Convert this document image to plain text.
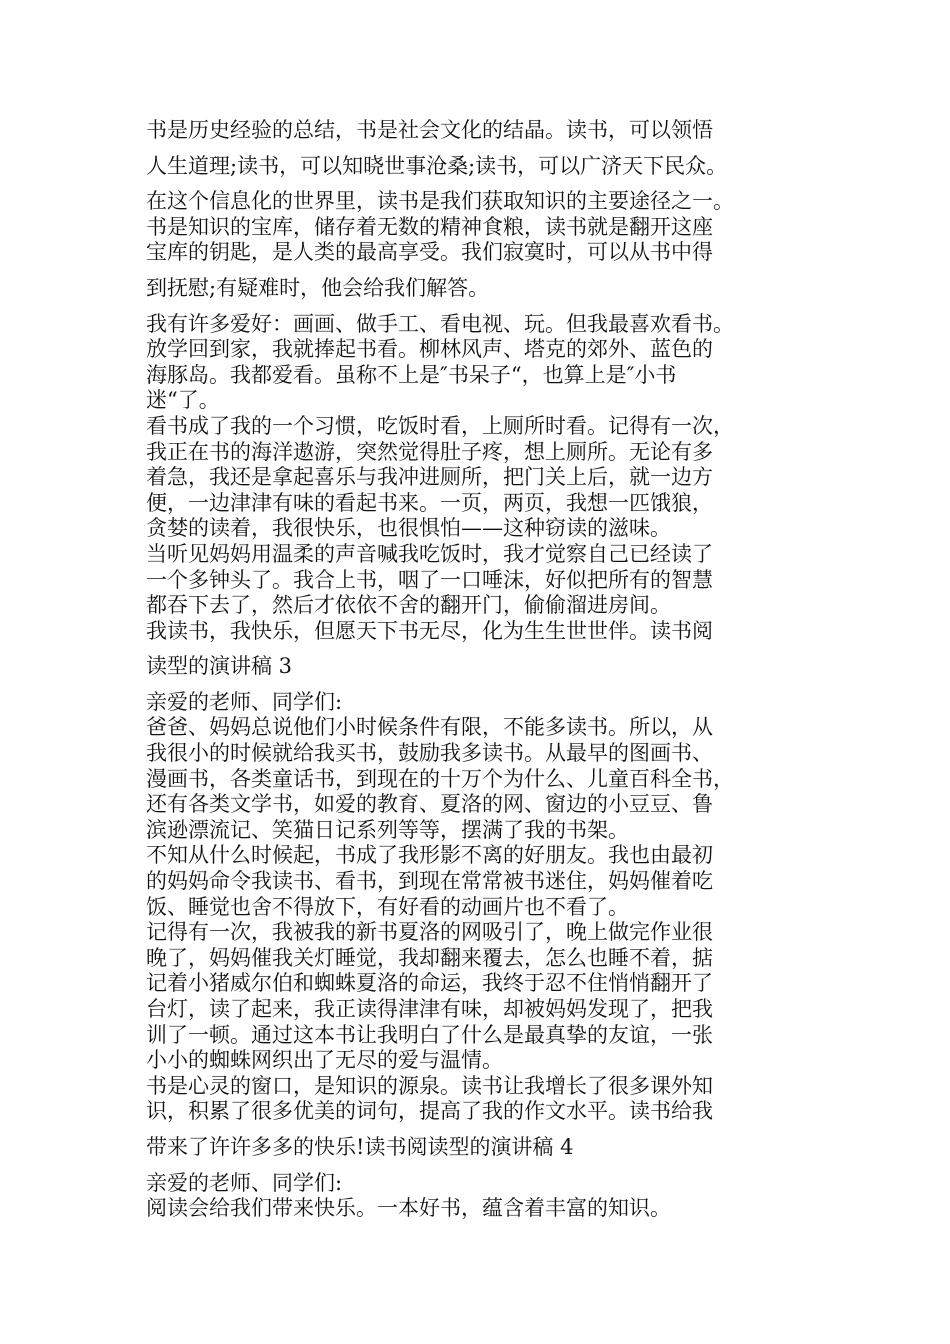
书是历史经验的总结，书是社会文化的结晶。读书，可以领悟
人生道理;读书，可以知晓世事沧桑;读书，可以广济天下民众。
在这个信息化的世界里，读书是我们获取知识的主要途径之一。
书是知识的宝库，储存着无数的精神食粮，读书就是翻开这座
宝库的钥匙，是人类的最高享受。我们寂寞时，可以从书中得
到抚慰;有疑难时，他会给我们解答。
我有许多爱好：画画、做手工、看电视、玩。但我最喜欢看书。
放学回到家，我就捧起书看。柳林风声、塔克的郊外、蓝色的
海豚岛。我都爱看。虽称不上是″书呆子“，也算上是″小书
迷“了。
看书成了我的一个习惯，吃饭时看，上厕所时看。记得有一次，
我正在书的海洋遨游，突然觉得肚子疼，想上厕所。无论有多
着急，我还是拿起喜乐与我冲进厕所，把门关上后，就一边方
便，一边津津有味的看起书来。一页，两页，我想一匹饿狼，
贪婪的读着，我很快乐，也很惧怕——这种窃读的滋味。
当听见妈妈用温柔的声音喊我吃饭时，我才觉察自己已经读了
一个多钟头了。我合上书，咽了一口唾沫，好似把所有的智慧
都吞下去了，然后才依依不舍的翻开门，偷偷溜进房间。
我读书，我快乐，但愿天下书无尽，化为生生世世伴。读书阅
读型的演讲稿 3
亲爱的老师、同学们:
爸爸、妈妈总说他们小时候条件有限，不能多读书。所以，从
我很小的时候就给我买书，鼓励我多读书。从最早的图画书、
漫画书，各类童话书，到现在的十万个为什么、儿童百科全书，
还有各类文学书，如爱的教育、夏洛的网、窗边的小豆豆、鲁
滨逊漂流记、笑猫日记系列等等，摆满了我的书架。
不知从什么时候起，书成了我形影不离的好朋友。我也由最初
的妈妈命令我读书、看书，到现在常常被书迷住，妈妈催着吃
饭、睡觉也舍不得放下，有好看的动画片也不看了。
记得有一次，我被我的新书夏洛的网吸引了，晚上做完作业很
晚了，妈妈催我关灯睡觉，我却翻来覆去，怎么也睡不着，掂
记着小猪威尔伯和蜘蛛夏洛的命运，我终于忍不住悄悄翻开了
台灯，读了起来，我正读得津津有味，却被妈妈发现了，把我
训了一顿。通过这本书让我明白了什么是最真挚的友谊，一张
小小的蜘蛛网织出了无尽的爱与温情。
书是心灵的窗口，是知识的源泉。读书让我增长了很多课外知
识，积累了很多优美的词句，提高了我的作文水平。读书给我
带来了许许多多的快乐!读书阅读型的演讲稿 4
亲爱的老师、同学们:
阅读会给我们带来快乐。一本好书，蕴含着丰富的知识。
